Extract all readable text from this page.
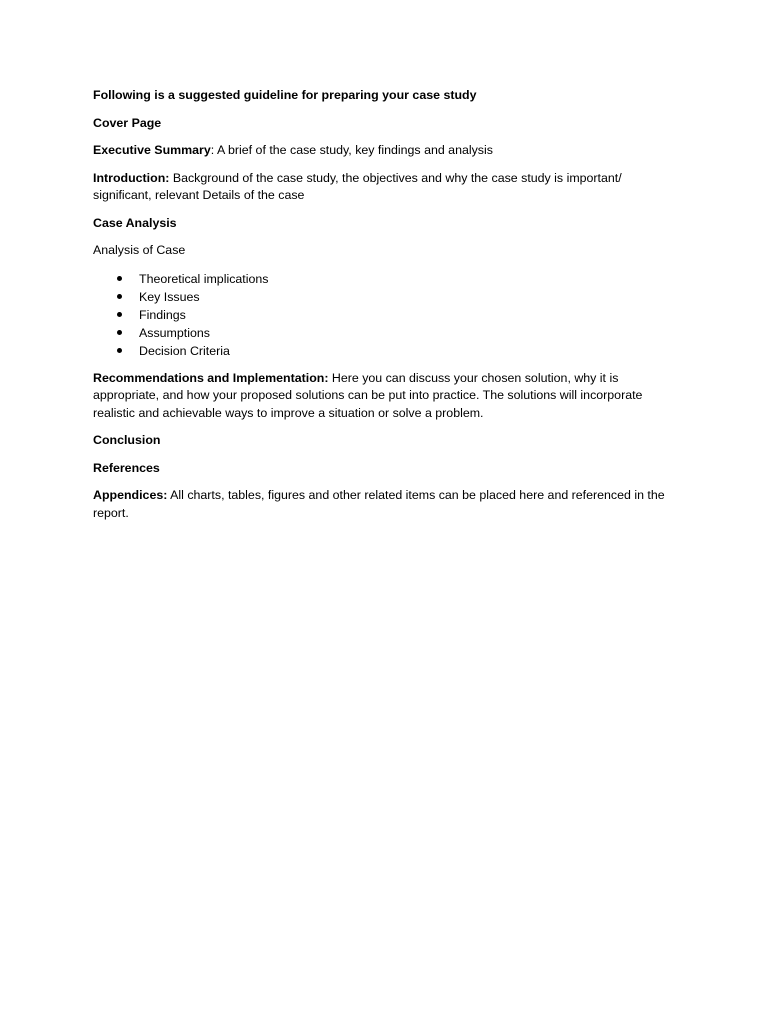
Following is a suggested guideline for preparing your case study

Cover Page

Executive Summary: A brief of the case study, key findings and analysis

Introduction: Background of the case study, the objectives and why the case study is important/ significant, relevant Details of the case

Case Analysis

Analysis of Case

Theoretical implications
Key Issues
Findings
Assumptions
Decision Criteria

Recommendations and Implementation: Here you can discuss your chosen solution, why it is appropriate, and how your proposed solutions can be put into practice. The solutions will incorporate realistic and achievable ways to improve a situation or solve a problem.

Conclusion

References

Appendices: All charts, tables, figures and other related items can be placed here and referenced in the report.
